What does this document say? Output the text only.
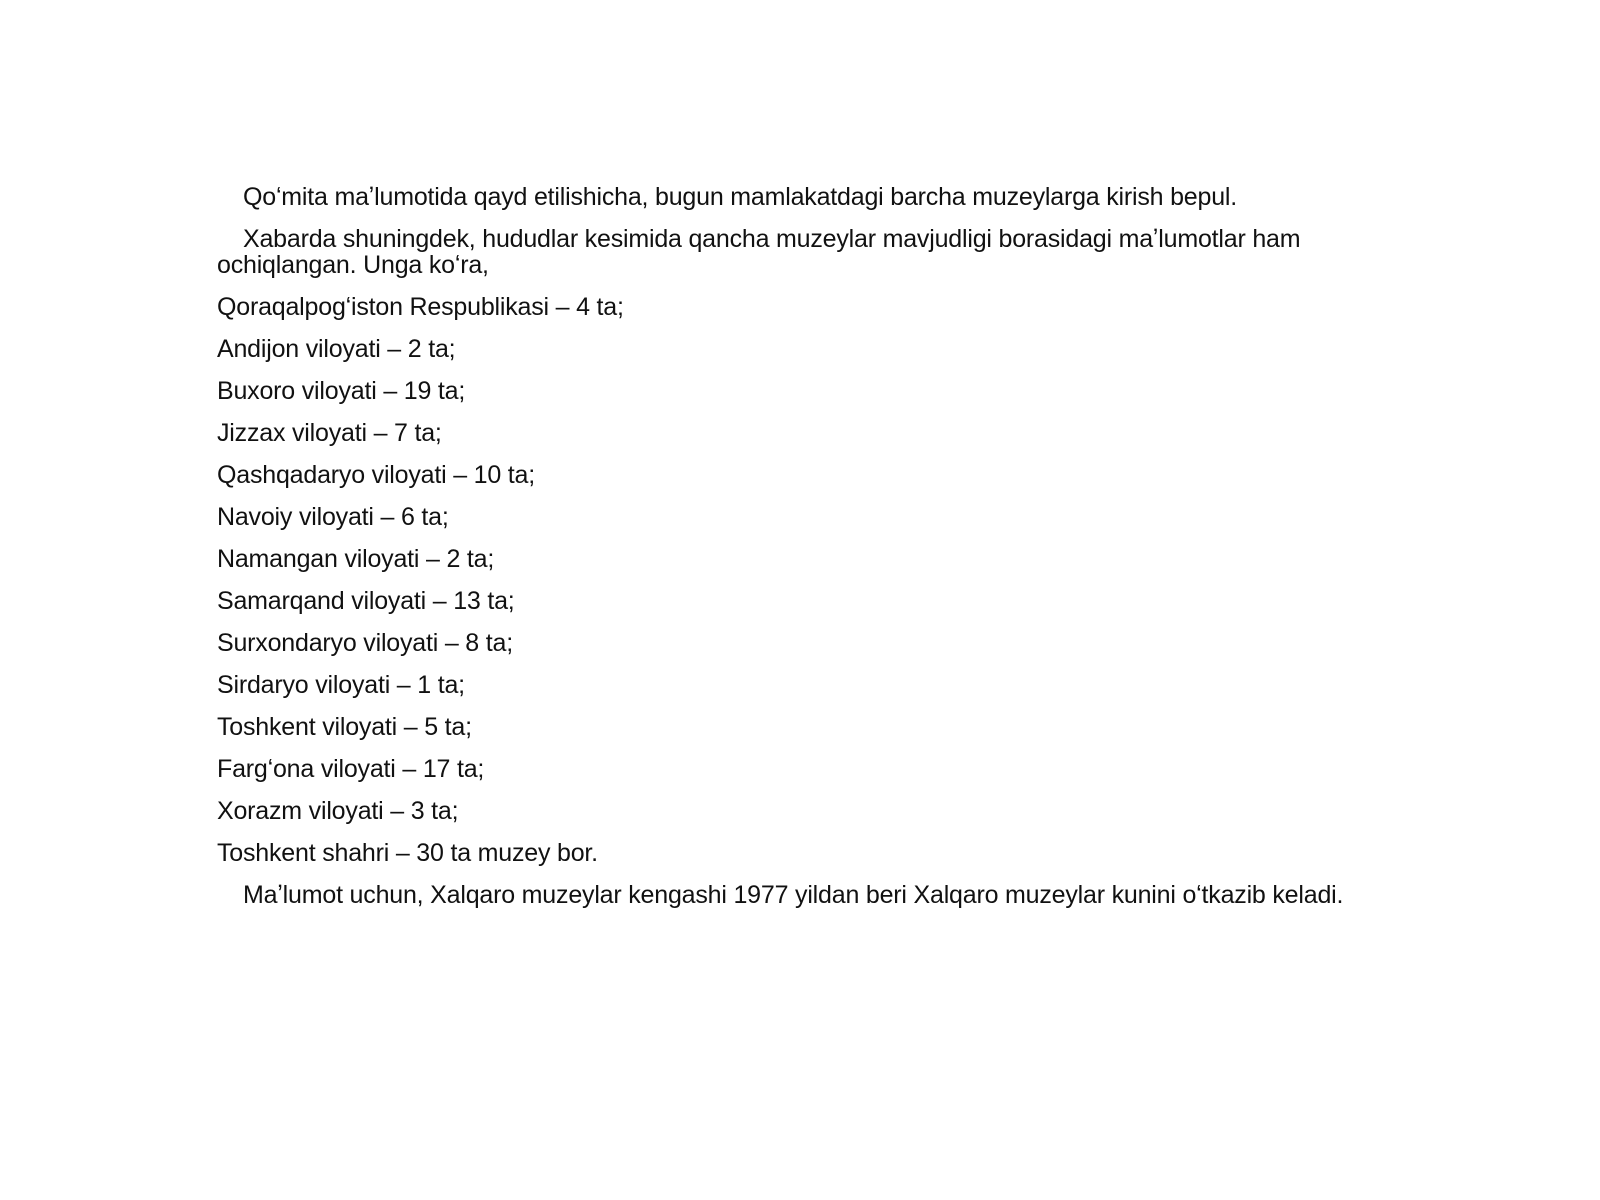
Qoʻmita maʼlumotida qayd etilishicha, bugun mamlakatdagi barcha muzeylarga kirish bepul.

Xabarda shuningdek, hududlar kesimida qancha muzeylar mavjudligi borasidagi maʼlumotlar ham ochiqlangan. Unga koʻra,

Qoraqalpogʻiston Respublikasi – 4 ta;

Andijon viloyati – 2 ta;

Buxoro viloyati – 19 ta;

Jizzax viloyati – 7 ta;

Qashqadaryo viloyati – 10 ta;

Navoiy viloyati – 6 ta;

Namangan viloyati – 2 ta;

Samarqand viloyati – 13 ta;

Surxondaryo viloyati – 8 ta;

Sirdaryo viloyati – 1 ta;

Toshkent viloyati – 5 ta;

Fargʻona viloyati – 17 ta;

Xorazm viloyati – 3 ta;

Toshkent shahri – 30 ta muzey bor.

Maʼlumot uchun, Xalqaro muzeylar kengashi 1977 yildan beri Xalqaro muzeylar kunini oʻtkazib keladi.
